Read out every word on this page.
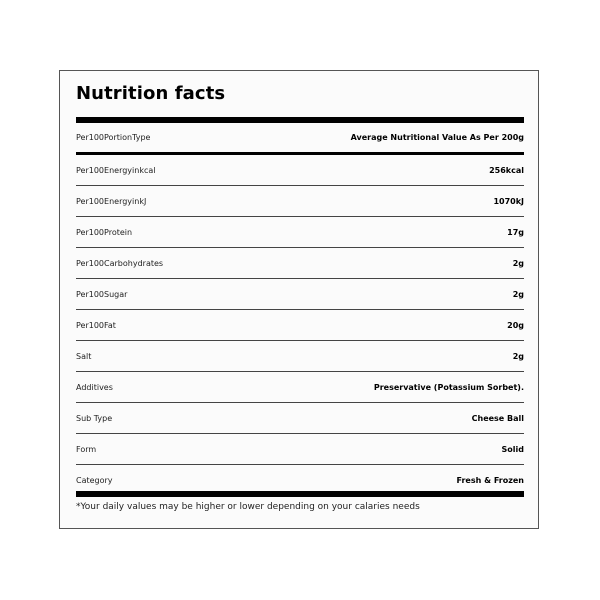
Nutrition facts
Per100PortionType	Average Nutritional Value As Per 200g
Per100Energyinkcal	256kcal
Per100EnergyinkJ	1070kJ
Per100Protein	17g
Per100Carbohydrates	2g
Per100Sugar	2g
Per100Fat	20g
Salt	2g
Additives	Preservative (Potassium Sorbet).
Sub Type	Cheese Ball
Form	Solid
Category	Fresh & Frozen
*Your daily values may be higher or lower depending on your calaries needs
